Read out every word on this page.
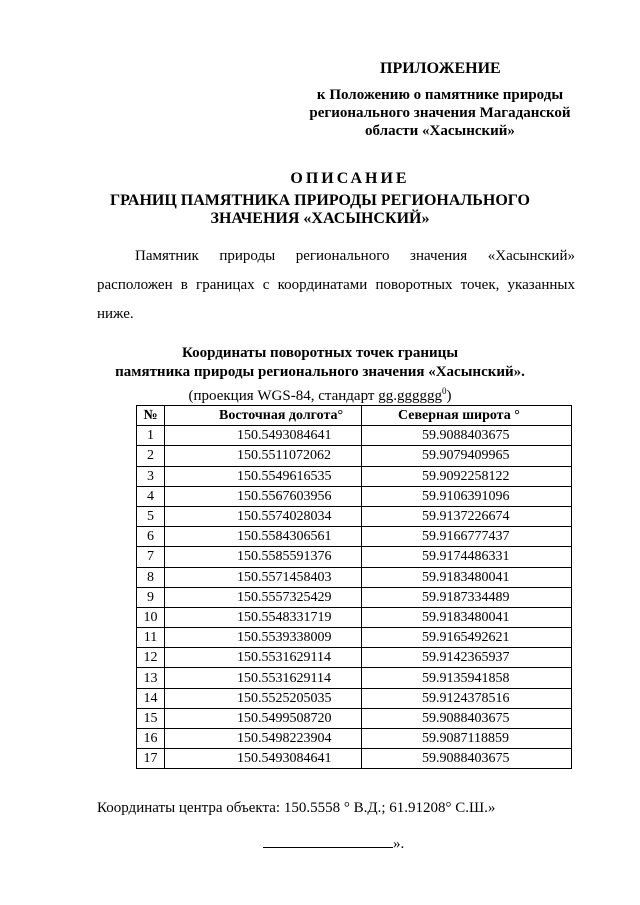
ПРИЛОЖЕНИЕ
к Положению о памятнике природы
регионального значения Магаданской
области «Хасынский»
ОПИСАНИЕ
ГРАНИЦ ПАМЯТНИКА ПРИРОДЫ РЕГИОНАЛЬНОГО
ЗНАЧЕНИЯ «ХАСЫНСКИЙ»
Памятник природы регионального значения «Хасынский»
расположен в границах с координатами поворотных точек, указанных ниже.
Координаты поворотных точек границы
памятника природы регионального значения «Хасынский».
(проекция WGS-84, стандарт gg.gggggg$^0$)
№	Восточная долгота°	Северная широта °
1	150.5493084641	59.9088403675
2	150.5511072062	59.9079409965
3	150.5549616535	59.9092258122
4	150.5567603956	59.9106391096
5	150.5574028034	59.9137226674
6	150.5584306561	59.9166777437
7	150.5585591376	59.9174486331
8	150.5571458403	59.9183480041
9	150.5557325429	59.9187334489
10	150.5548331719	59.9183480041
11	150.5539338009	59.9165492621
12	150.5531629114	59.9142365937
13	150.5531629114	59.9135941858
14	150.5525205035	59.9124378516
15	150.5499508720	59.9088403675
16	150.5498223904	59.9087118859
17	150.5493084641	59.9088403675
Координаты центра объекта: 150.5558 ° В.Д.; 61.91208° С.Ш.»
».
